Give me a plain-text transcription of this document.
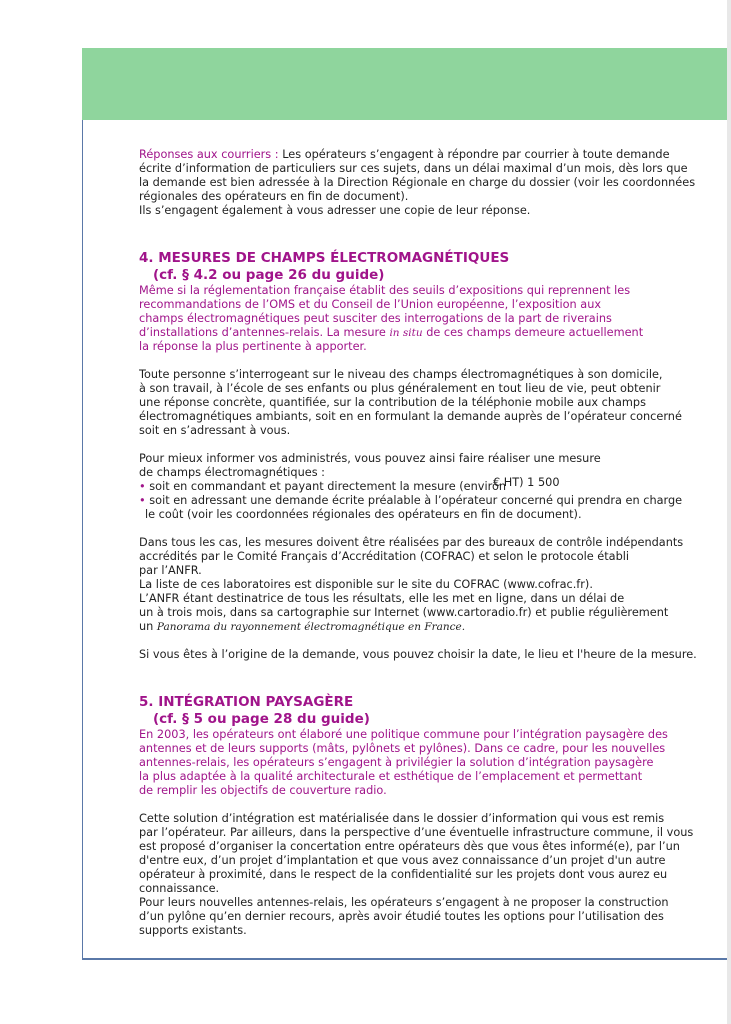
Réponses aux courriers : Les opérateurs s’engagent à répondre par courrier à toute demande
écrite d’information de particuliers sur ces sujets, dans un délai maximal d’un mois, dès lors que
la demande est bien adressée à la Direction Régionale en charge du dossier (voir les coordonnées
régionales des opérateurs en fin de document).
Ils s’engagent également à vous adresser une copie de leur réponse.
4. MESURES DE CHAMPS ÉLECTROMAGNÉTIQUES
(cf. § 4.2 ou page 26 du guide)
Même si la réglementation française établit des seuils d’expositions qui reprennent les
recommandations de l’OMS et du Conseil de l’Union européenne, l’exposition aux
champs électromagnétiques peut susciter des interrogations de la part de riverains
d’installations d’antennes-relais. La mesure in situ de ces champs demeure actuellement
la réponse la plus pertinente à apporter.
Toute personne s’interrogeant sur le niveau des champs électromagnétiques à son domicile,
à son travail, à l’école de ses enfants ou plus généralement en tout lieu de vie, peut obtenir
une réponse concrète, quantifiée, sur la contribution de la téléphonie mobile aux champs
électromagnétiques ambiants, soit en en formulant la demande auprès de l’opérateur concerné
soit en s’adressant à vous.
Pour mieux informer vos administrés, vous pouvez ainsi faire réaliser une mesure
de champs électromagnétiques :
• soit en commandant et payant directement la mesure (environ
• soit en adressant une demande écrite préalable à l’opérateur concerné qui prendra en charge
le coût (voir les coordonnées régionales des opérateurs en fin de document).
Dans tous les cas, les mesures doivent être réalisées par des bureaux de contrôle indépendants
accrédités par le Comité Français d’Accréditation (COFRAC) et selon le protocole établi
par l’ANFR.
La liste de ces laboratoires est disponible sur le site du COFRAC (www.cofrac.fr).
L’ANFR étant destinatrice de tous les résultats, elle les met en ligne, dans un délai de
un à trois mois, dans sa cartographie sur Internet (www.cartoradio.fr) et publie régulièrement
un Panorama du rayonnement électromagnétique en France.
Si vous êtes à l’origine de la demande, vous pouvez choisir la date, le lieu et l'heure de la mesure.
5. INTÉGRATION PAYSAGÈRE
(cf. § 5 ou page 28 du guide)
En 2003, les opérateurs ont élaboré une politique commune pour l’intégration paysagère des
antennes et de leurs supports (mâts, pylônets et pylônes). Dans ce cadre, pour les nouvelles
antennes-relais, les opérateurs s’engagent à privilégier la solution d’intégration paysagère
la plus adaptée à la qualité architecturale et esthétique de l’emplacement et permettant
de remplir les objectifs de couverture radio.
Cette solution d’intégration est matérialisée dans le dossier d’information qui vous est remis
par l’opérateur. Par ailleurs, dans la perspective d’une éventuelle infrastructure commune, il vous
est proposé d’organiser la concertation entre opérateurs dès que vous êtes informé(e), par l’un
d'entre eux, d’un projet d’implantation et que vous avez connaissance d’un projet d'un autre
opérateur à proximité, dans le respect de la confidentialité sur les projets dont vous aurez eu
connaissance.
Pour leurs nouvelles antennes-relais, les opérateurs s’engagent à ne proposer la construction
d’un pylône qu’en dernier recours, après avoir étudié toutes les options pour l’utilisation des
supports existants.
€ HT) 1 500
